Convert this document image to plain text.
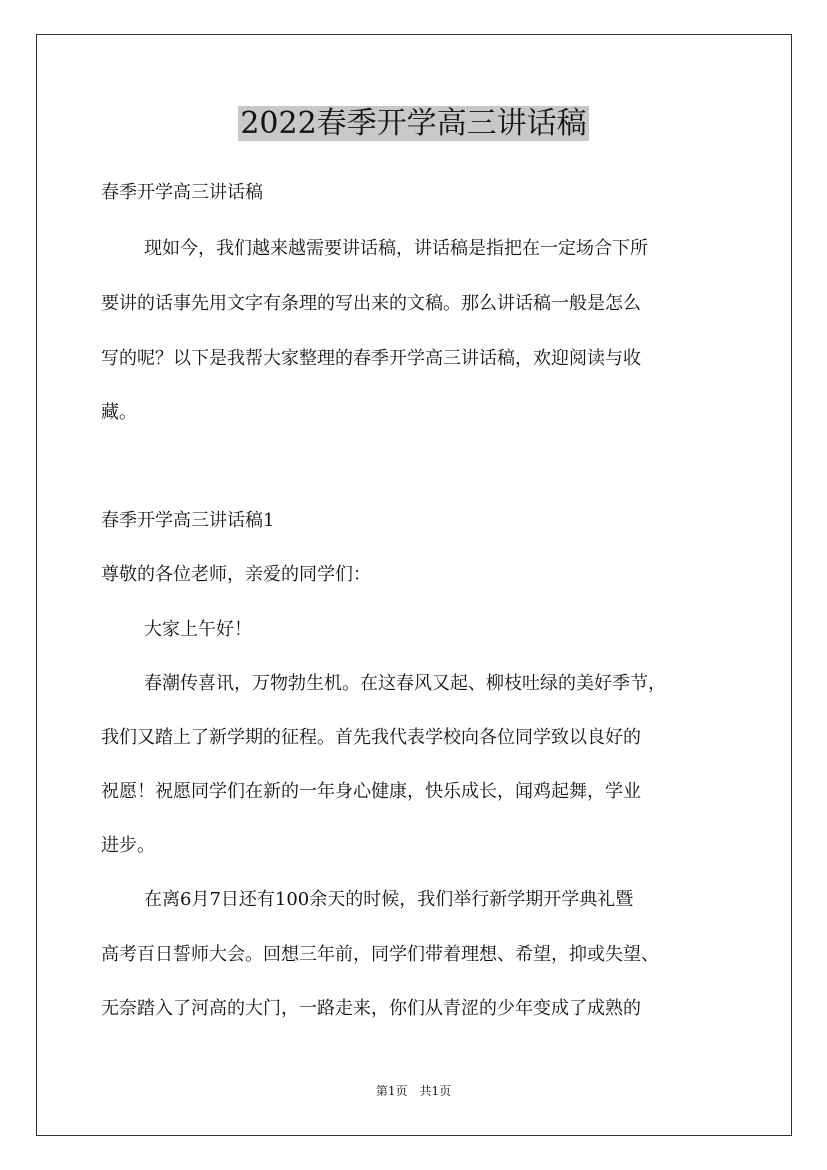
2022春季开学高三讲话稿
春季开学高三讲话稿
现如今，我们越来越需要讲话稿，讲话稿是指把在一定场合下所
要讲的话事先用文字有条理的写出来的文稿。那么讲话稿一般是怎么
写的呢？以下是我帮大家整理的春季开学高三讲话稿，欢迎阅读与收
藏。
春季开学高三讲话稿1
尊敬的各位老师，亲爱的同学们：
大家上午好！
春潮传喜讯，万物勃生机。在这春风又起、柳枝吐绿的美好季节，
我们又踏上了新学期的征程。首先我代表学校向各位同学致以良好的
祝愿！祝愿同学们在新的一年身心健康，快乐成长，闻鸡起舞，学业
进步。
在离6月7日还有100余天的时候，我们举行新学期开学典礼暨
高考百日誓师大会。回想三年前，同学们带着理想、希望，抑或失望、
无奈踏入了河高的大门，一路走来，你们从青涩的少年变成了成熟的
第1页　共1页
